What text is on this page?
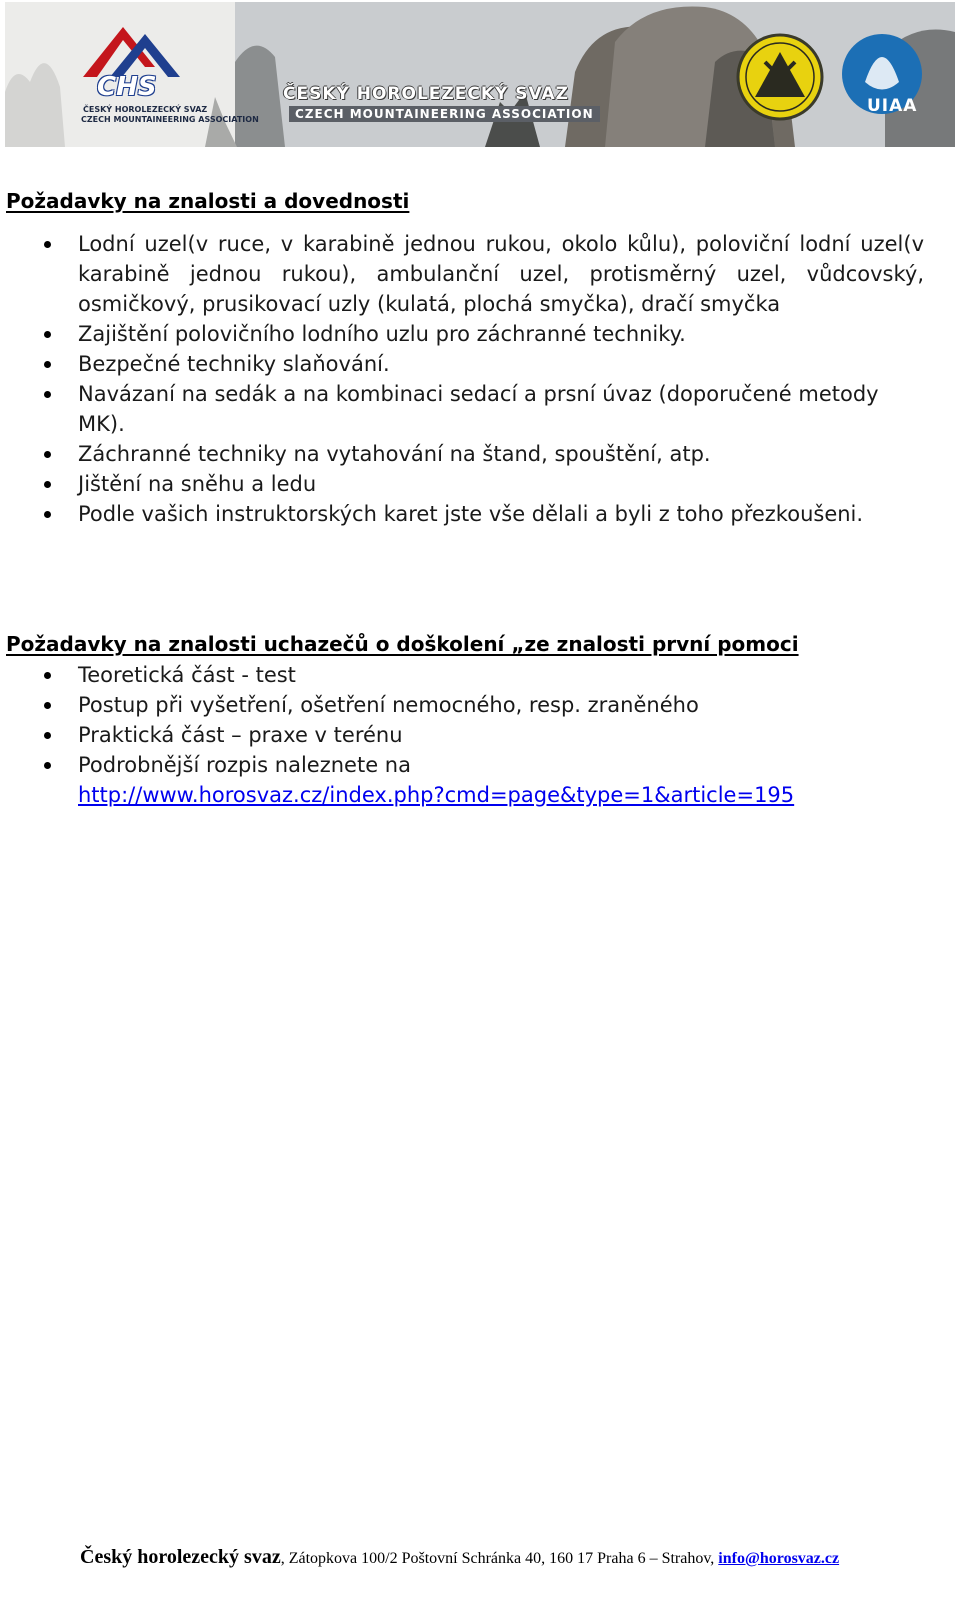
CHS
ČESKÝ HOROLEZECKÝ SVAZ
CZECH MOUNTAINEERING ASSOCIATION
ČESKÝ HOROLEZECKÝ SVAZ
CZECH MOUNTAINEERING ASSOCIATION	UIAA
Požadavky na znalosti a dovednosti
Lodní uzel(v ruce, v karabině jednou rukou, okolo kůlu), poloviční lodní uzel(v karabině jednou rukou), ambulanční uzel, protisměrný uzel, vůdcovský, osmičkový, prusikovací uzly (kulatá, plochá smyčka), dračí smyčka
Zajištění polovičního lodního uzlu pro záchranné techniky.
Bezpečné techniky slaňování.
Navázaní na sedák a na kombinaci sedací a prsní úvaz (doporučené metody MK).
Záchranné techniky na vytahování na štand, spouštění, atp.
Jištění na sněhu a ledu
Podle vašich instruktorských karet jste vše dělali a byli z toho přezkoušeni.
Požadavky na znalosti uchazečů o doškolení „ze znalosti první pomoci
Teoretická část - test
Postup při vyšetření, ošetření nemocného, resp. zraněného
Praktická část – praxe v terénu
Podrobnější rozpis naleznete na
http://www.horosvaz.cz/index.php?cmd=page&type=1&article=195
Český horolezecký svaz, Zátopkova 100/2 Poštovní Schránka 40, 160 17 Praha 6 – Strahov, info@horosvaz.cz
